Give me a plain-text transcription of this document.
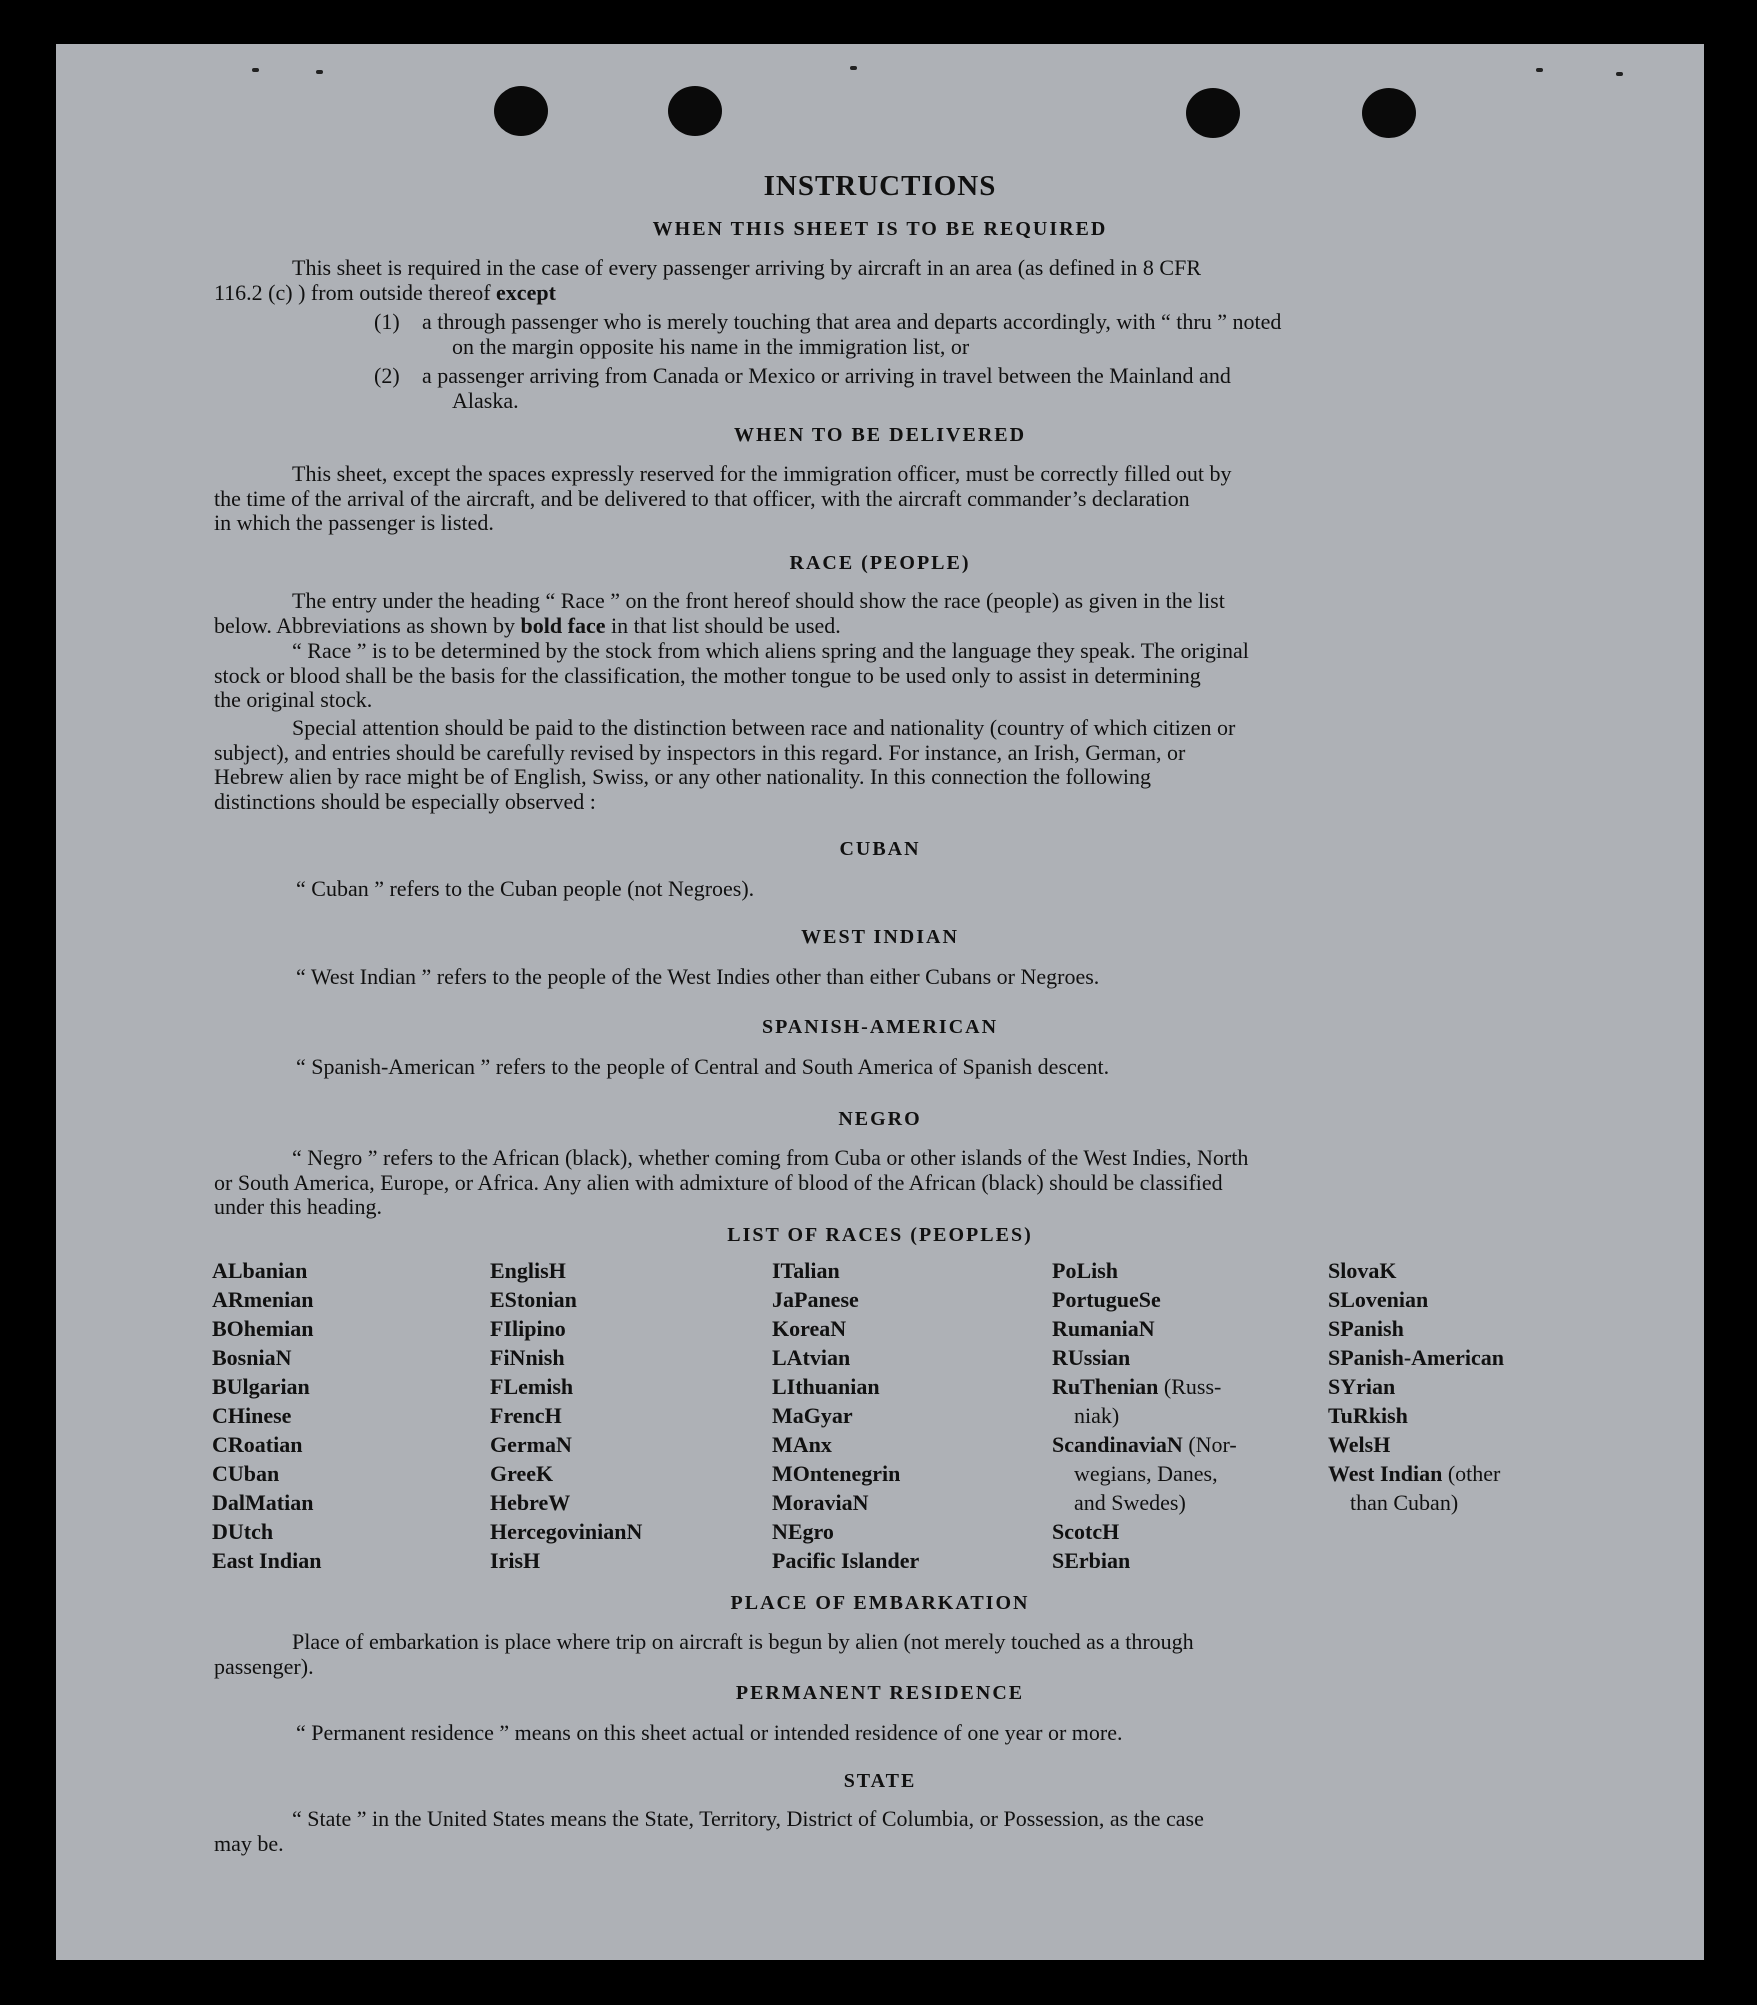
INSTRUCTIONS
WHEN THIS SHEET IS TO BE REQUIRED
This sheet is required in the case of every passenger arriving by aircraft in an area (as defined in 8 CFR
116.2 (c) ) from outside thereof except
(1) a through passenger who is merely touching that area and departs accordingly, with “ thru ” noted
on the margin opposite his name in the immigration list, or
(2) a passenger arriving from Canada or Mexico or arriving in travel between the Mainland and
Alaska.
WHEN TO BE DELIVERED
This sheet, except the spaces expressly reserved for the immigration officer, must be correctly filled out by
the time of the arrival of the aircraft, and be delivered to that officer, with the aircraft commander’s declaration
in which the passenger is listed.
RACE (PEOPLE)
The entry under the heading “ Race ” on the front hereof should show the race (people) as given in the list
below. Abbreviations as shown by bold face in that list should be used.
“ Race ” is to be determined by the stock from which aliens spring and the language they speak. The original
stock or blood shall be the basis for the classification, the mother tongue to be used only to assist in determining
the original stock.
Special attention should be paid to the distinction between race and nationality (country of which citizen or
subject), and entries should be carefully revised by inspectors in this regard. For instance, an Irish, German, or
Hebrew alien by race might be of English, Swiss, or any other nationality. In this connection the following
distinctions should be especially observed :
CUBAN
“ Cuban ” refers to the Cuban people (not Negroes).
WEST INDIAN
“ West Indian ” refers to the people of the West Indies other than either Cubans or Negroes.
SPANISH-AMERICAN
“ Spanish-American ” refers to the people of Central and South America of Spanish descent.
NEGRO
“ Negro ” refers to the African (black), whether coming from Cuba or other islands of the West Indies, North
or South America, Europe, or Africa. Any alien with admixture of blood of the African (black) should be classified
under this heading.
LIST OF RACES (PEOPLES)
ALbanian
ARmenian
BOhemian
BosniaN
BUlgarian
CHinese
CRoatian
CUban
DalMatian
DUtch
East Indian
EnglisH
EStonian
FIlipino
FiNnish
FLemish
FrencH
GermaN
GreeK
HebreW
HercegovinianN
IrisH
ITalian
JaPanese
KoreaN
LAtvian
LIthuanian
MaGyar
MAnx
MOntenegrin
MoraviaN
NEgro
Pacific Islander
PoLish
PortugueSe
RumaniaN
RUssian
RuThenian (Russ-
niak)
ScandinaviaN (Nor-
wegians, Danes,
and Swedes)
ScotcH
SErbian
SlovaK
SLovenian
SPanish
SPanish-American
SYrian
TuRkish
WelsH
West Indian (other
than Cuban)
PLACE OF EMBARKATION
Place of embarkation is place where trip on aircraft is begun by alien (not merely touched as a through
passenger).
PERMANENT RESIDENCE
“ Permanent residence ” means on this sheet actual or intended residence of one year or more.
STATE
“ State ” in the United States means the State, Territory, District of Columbia, or Possession, as the case
may be.
